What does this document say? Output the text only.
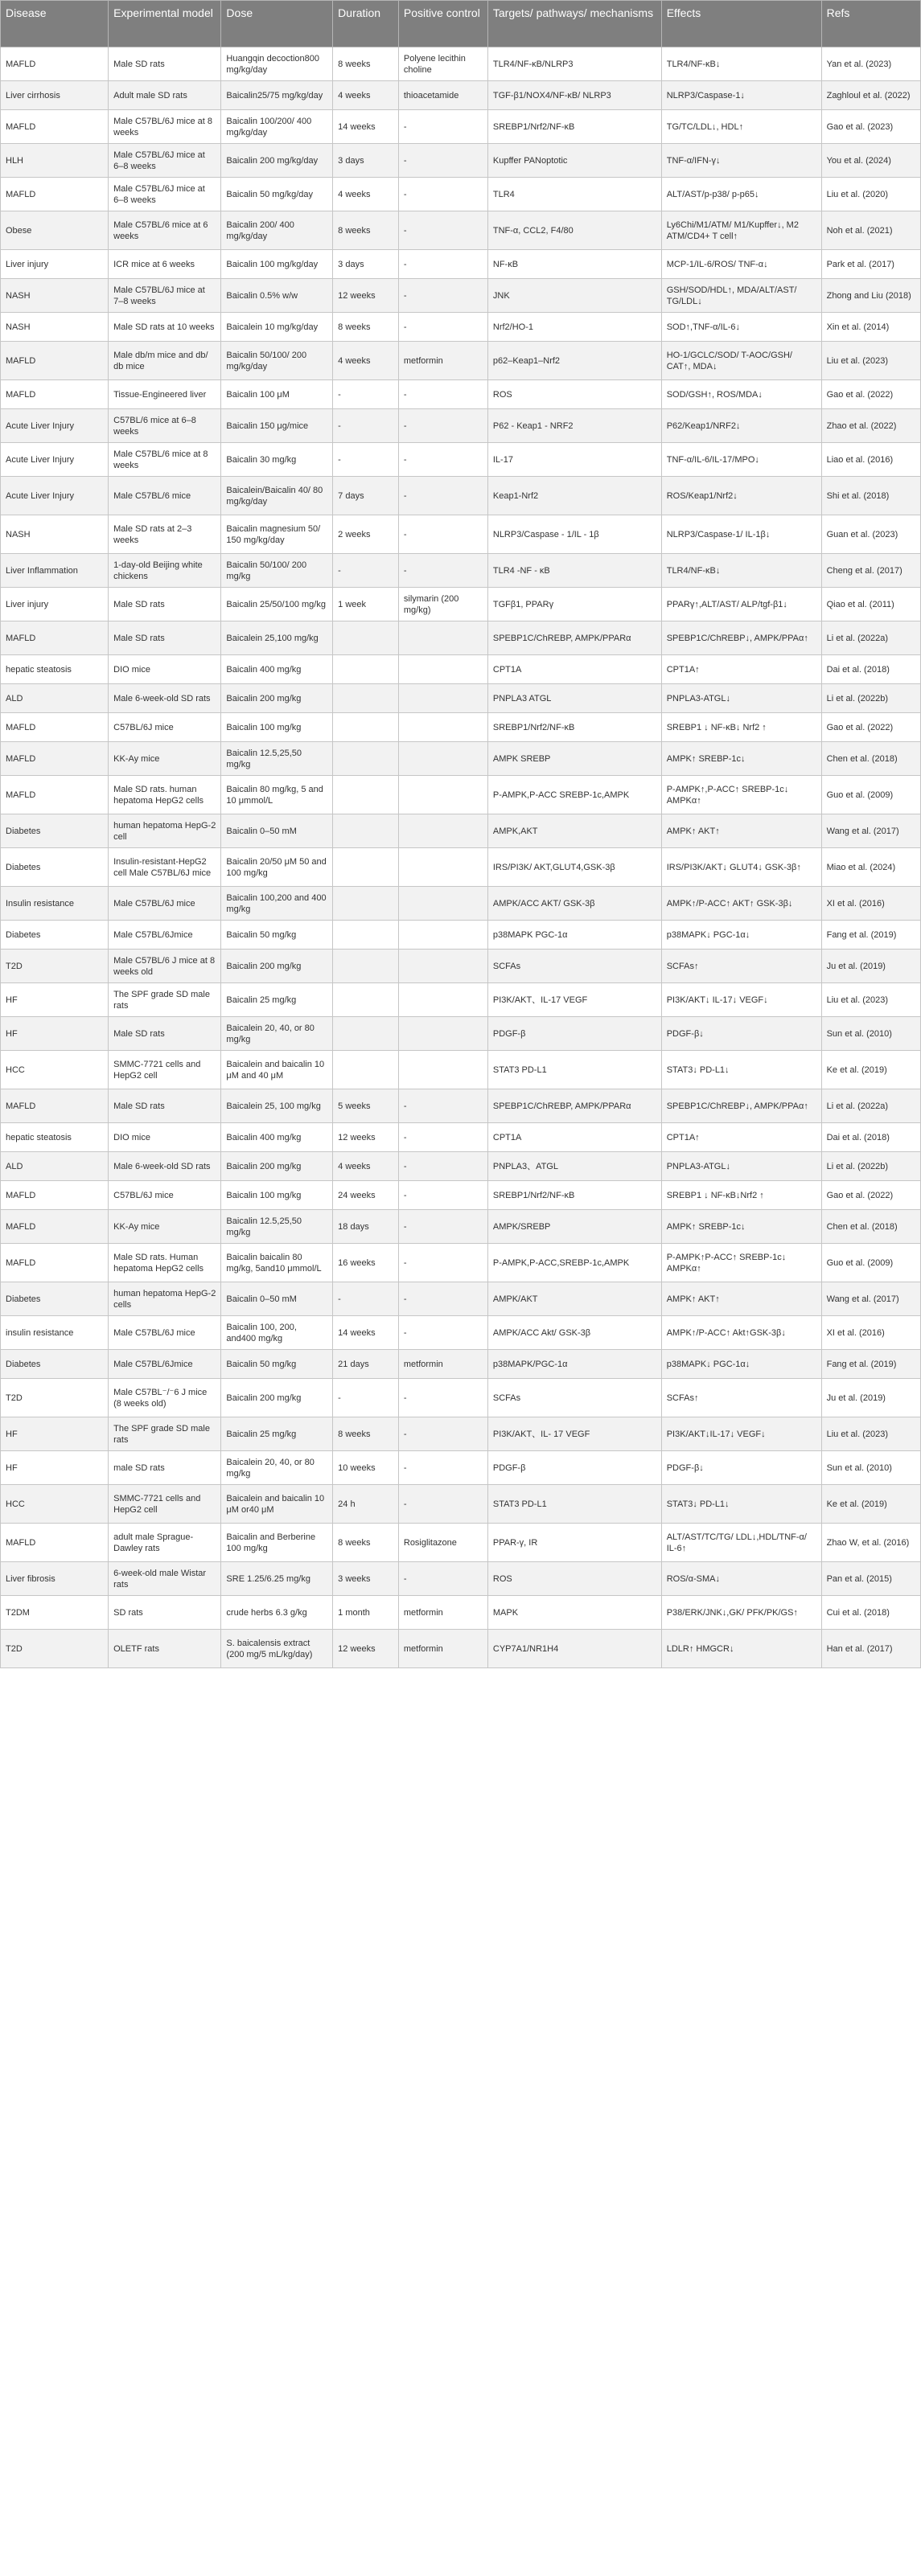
Disease	Experimental model	Dose	Duration	Positive control	Targets/ pathways/ mechanisms	Effects	Refs
MAFLD	Male SD rats	Huangqin decoction800 mg/kg/day	8 weeks	Polyene lecithin choline	TLR4/NF-κB/NLRP3	TLR4/NF-κB↓	Yan et al. (2023)
Liver cirrhosis	Adult male SD rats	Baicalin25/75 mg/kg/day	4 weeks	thioacetamide	TGF-β1/NOX4/NF-κB/ NLRP3	NLRP3/Caspase-1↓	Zaghloul et al. (2022)
MAFLD	Male C57BL/6J mice at 8 weeks	Baicalin 100/200/ 400 mg/kg/day	14 weeks	-	SREBP1/Nrf2/NF-κB	TG/TC/LDL↓, HDL↑	Gao et al. (2023)
HLH	Male C57BL/6J mice at 6–8 weeks	Baicalin 200 mg/kg/day	3 days	-	Kupffer PANoptotic	TNF-α/IFN-γ↓	You et al. (2024)
MAFLD	Male C57BL/6J mice at 6–8 weeks	Baicalin 50 mg/kg/day	4 weeks	-	TLR4	ALT/AST/p-p38/ p-p65↓	Liu et al. (2020)
Obese	Male C57BL/6 mice at 6 weeks	Baicalin 200/ 400 mg/kg/day	8 weeks	-	TNF-α, CCL2, F4/80	Ly6Chi/M1/ATM/ M1/Kupffer↓, M2 ATM/CD4+ T cell↑	Noh et al. (2021)
Liver injury	ICR mice at 6 weeks	Baicalin 100 mg/kg/day	3 days	-	NF-κB	MCP-1/IL-6/ROS/ TNF-α↓	Park et al. (2017)
NASH	Male C57BL/6J mice at 7–8 weeks	Baicalin 0.5% w/w	12 weeks	-	JNK	GSH/SOD/HDL↑, MDA/ALT/AST/ TG/LDL↓	Zhong and Liu (2018)
NASH	Male SD rats at 10 weeks	Baicalein 10 mg/kg/day	8 weeks	-	Nrf2/HO-1	SOD↑,TNF-α/IL-6↓	Xin et al. (2014)
MAFLD	Male db/m mice and db/ db mice	Baicalin 50/100/ 200 mg/kg/day	4 weeks	metformin	p62–Keap1–Nrf2	HO-1/GCLC/SOD/ T-AOC/GSH/ CAT↑, MDA↓	Liu et al. (2023)
MAFLD	Tissue-Engineered liver	Baicalin 100 μM	-	-	ROS	SOD/GSH↑, ROS/MDA↓	Gao et al. (2022)
Acute Liver Injury	C57BL/6 mice at 6–8 weeks	Baicalin 150 μg/mice	-	-	P62 - Keap1 - NRF2	P62/Keap1/NRF2↓	Zhao et al. (2022)
Acute Liver Injury	Male C57BL/6 mice at 8 weeks	Baicalin 30 mg/kg	-	-	IL-17	TNF-α/IL-6/IL-17/MPO↓	Liao et al. (2016)
Acute Liver Injury	Male C57BL/6 mice	Baicalein/Baicalin 40/ 80 mg/kg/day	7 days	-	Keap1-Nrf2	ROS/Keap1/Nrf2↓	Shi et al. (2018)
NASH	Male SD rats at 2–3 weeks	Baicalin magnesium 50/ 150 mg/kg/day	2 weeks	-	NLRP3/Caspase - 1/IL - 1β	NLRP3/Caspase-1/ IL-1β↓	Guan et al. (2023)
Liver Inflammation	1-day-old Beijing white chickens	Baicalin 50/100/ 200 mg/kg	-	-	TLR4 -NF - κB	TLR4/NF-κB↓	Cheng et al. (2017)
Liver injury	Male SD rats	Baicalin 25/50/100 mg/kg	1 week	silymarin (200 mg/kg)	TGFβ1, PPARγ	PPARγ↑,ALT/AST/ ALP/tgf-β1↓	Qiao et al. (2011)
MAFLD	Male SD rats	Baicalein 25,100 mg/kg			SPEBP1C/ChREBP, AMPK/PPARα	SPEBP1C/ChREBP↓, AMPK/PPAα↑	Li et al. (2022a)
hepatic steatosis	DIO mice	Baicalin 400 mg/kg			CPT1A	CPT1A↑	Dai et al. (2018)
ALD	Male 6-week-old SD rats	Baicalin 200 mg/kg			PNPLA3 ATGL	PNPLA3-ATGL↓	Li et al. (2022b)
MAFLD	C57BL/6J mice	Baicalin 100 mg/kg			SREBP1/Nrf2/NF-κB	SREBP1 ↓ NF-κB↓ Nrf2 ↑	Gao et al. (2022)
MAFLD	KK-Ay mice	Baicalin 12.5,25,50 mg/kg			AMPK SREBP	AMPK↑ SREBP-1c↓	Chen et al. (2018)
MAFLD	Male SD rats. human hepatoma HepG2 cells	Baicalin 80 mg/kg, 5 and 10 μmmol/L			P-AMPK,P-ACC SREBP-1c,AMPK	P-AMPK↑,P-ACC↑ SREBP-1c↓ AMPKα↑	Guo et al. (2009)
Diabetes	human hepatoma HepG-2 cell	Baicalin 0–50 mM			AMPK,AKT	AMPK↑ AKT↑	Wang et al. (2017)
Diabetes	Insulin-resistant-HepG2 cell Male C57BL/6J mice	Baicalin 20/50 μM 50 and 100 mg/kg			IRS/PI3K/ AKT,GLUT4,GSK-3β	IRS/PI3K/AKT↓ GLUT4↓ GSK-3β↑	Miao et al. (2024)
Insulin resistance	Male C57BL/6J mice	Baicalin 100,200 and 400 mg/kg			AMPK/ACC AKT/ GSK-3β	AMPK↑/P-ACC↑ AKT↑ GSK-3β↓	XI et al. (2016)
Diabetes	Male C57BL/6Jmice	Baicalin 50 mg/kg			p38MAPK PGC-1α	p38MAPK↓ PGC-1α↓	Fang et al. (2019)
T2D	Male C57BL/6 J mice at 8 weeks old	Baicalin 200 mg/kg			SCFAs	SCFAs↑	Ju et al. (2019)
HF	The SPF grade SD male rats	Baicalin 25 mg/kg			PI3K/AKT、IL-17 VEGF	PI3K/AKT↓ IL-17↓ VEGF↓	Liu et al. (2023)
HF	Male SD rats	Baicalein 20, 40, or 80 mg/kg			PDGF-β	PDGF-β↓	Sun et al. (2010)
HCC	SMMC-7721 cells and HepG2 cell	Baicalein and baicalin 10 μM and 40 μM			STAT3 PD-L1	STAT3↓ PD-L1↓	Ke et al. (2019)
MAFLD	Male SD rats	Baicalein 25, 100 mg/kg	5 weeks	-	SPEBP1C/ChREBP, AMPK/PPARα	SPEBP1C/ChREBP↓, AMPK/PPAα↑	Li et al. (2022a)
hepatic steatosis	DIO mice	Baicalin 400 mg/kg	12 weeks	-	CPT1A	CPT1A↑	Dai et al. (2018)
ALD	Male 6-week-old SD rats	Baicalin 200 mg/kg	4 weeks	-	PNPLA3、ATGL	PNPLA3-ATGL↓	Li et al. (2022b)
MAFLD	C57BL/6J mice	Baicalin 100 mg/kg	24 weeks	-	SREBP1/Nrf2/NF-κB	SREBP1 ↓ NF-κB↓Nrf2 ↑	Gao et al. (2022)
MAFLD	KK-Ay mice	Baicalin 12.5,25,50 mg/kg	18 days	-	AMPK/SREBP	AMPK↑ SREBP-1c↓	Chen et al. (2018)
MAFLD	Male SD rats. Human hepatoma HepG2 cells	Baicalin baicalin 80 mg/kg, 5and10 μmmol/L	16 weeks	-	P-AMPK,P-ACC,SREBP-1c,AMPK	P-AMPK↑P-ACC↑ SREBP-1c↓ AMPKα↑	Guo et al. (2009)
Diabetes	human hepatoma HepG-2 cells	Baicalin 0–50 mM	-	-	AMPK/AKT	AMPK↑ AKT↑	Wang et al. (2017)
insulin resistance	Male C57BL/6J mice	Baicalin 100, 200, and400 mg/kg	14 weeks	-	AMPK/ACC Akt/ GSK-3β	AMPK↑/P-ACC↑ Akt↑GSK-3β↓	XI et al. (2016)
Diabetes	Male C57BL/6Jmice	Baicalin 50 mg/kg	21 days	metformin	p38MAPK/PGC-1α	p38MAPK↓ PGC-1α↓	Fang et al. (2019)
T2D	Male C57BL⁻/⁻6 J mice (8 weeks old)	Baicalin 200 mg/kg	-	-	SCFAs	SCFAs↑	Ju et al. (2019)
HF	The SPF grade SD male rats	Baicalin 25 mg/kg	8 weeks	-	PI3K/AKT、IL- 17 VEGF	PI3K/AKT↓IL-17↓ VEGF↓	Liu et al. (2023)
HF	male SD rats	Baicalein 20, 40, or 80 mg/kg	10 weeks	-	PDGF-β	PDGF-β↓	Sun et al. (2010)
HCC	SMMC-7721 cells and HepG2 cell	Baicalein and baicalin 10 μM or40 μM	24 h	-	STAT3 PD-L1	STAT3↓ PD-L1↓	Ke et al. (2019)
MAFLD	adult male Sprague-Dawley rats	Baicalin and Berberine 100 mg/kg	8 weeks	Rosiglitazone	PPAR-γ, IR	ALT/AST/TC/TG/ LDL↓,HDL/TNF-α/ IL-6↑	Zhao W, et al. (2016)
Liver fibrosis	6-week-old male Wistar rats	SRE 1.25/6.25 mg/kg	3 weeks	-	ROS	ROS/α-SMA↓	Pan et al. (2015)
T2DM	SD rats	crude herbs 6.3 g/kg	1 month	metformin	MAPK	P38/ERK/JNK↓,GK/ PFK/PK/GS↑	Cui et al. (2018)
T2D	OLETF rats	S. baicalensis extract (200 mg/5 mL/kg/day)	12 weeks	metformin	CYP7A1/NR1H4	LDLR↑ HMGCR↓	Han et al. (2017)
